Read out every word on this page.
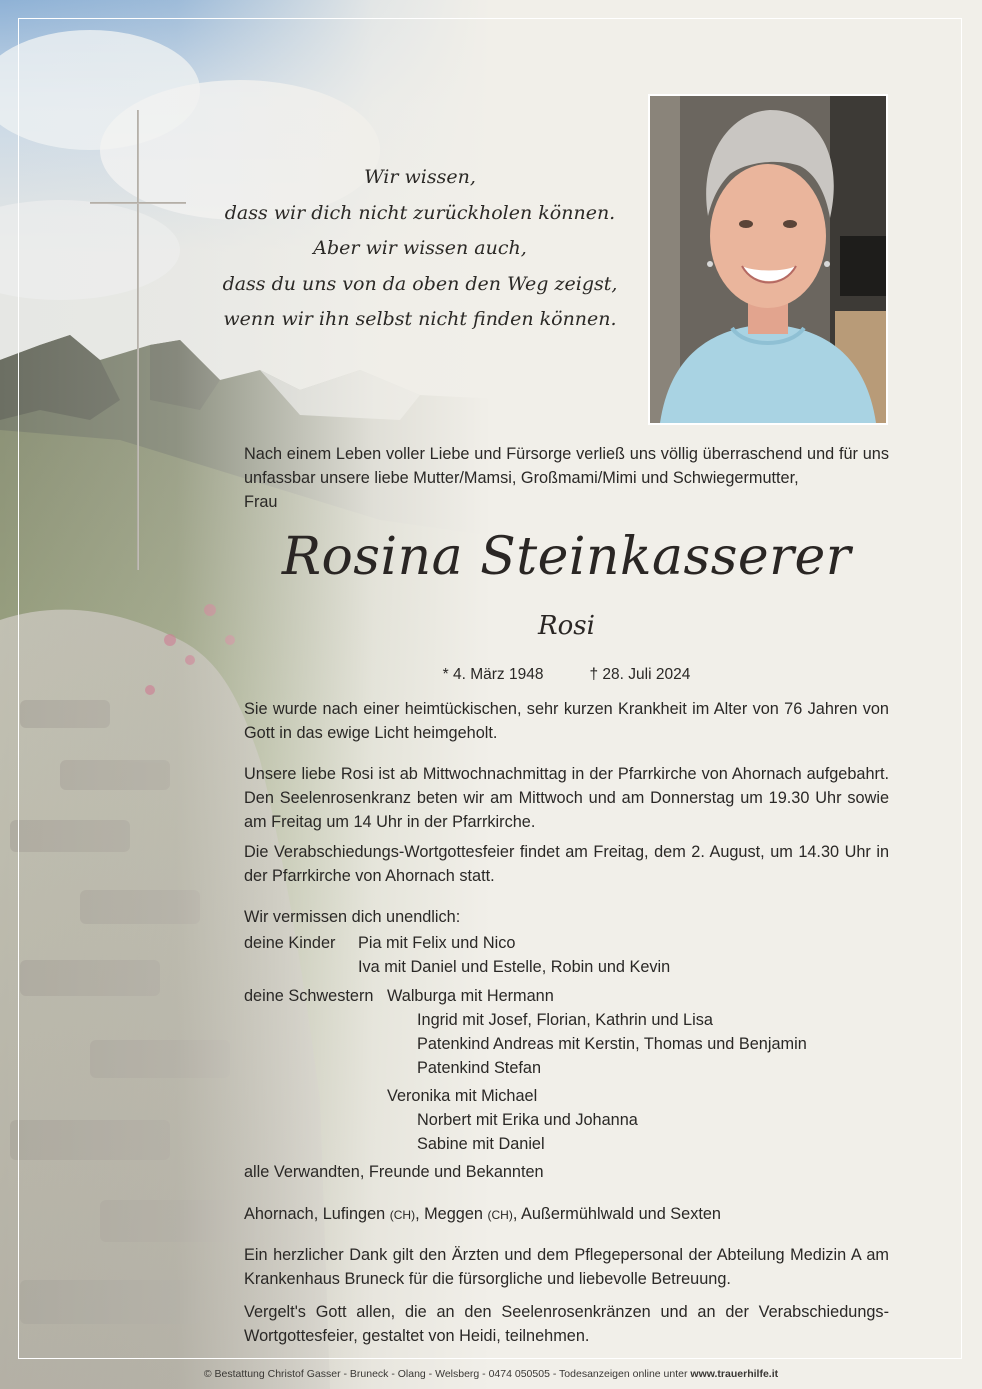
Wir wissen,
dass wir dich nicht zurückholen können.
Aber wir wissen auch,
dass du uns von da oben den Weg zeigst,
wenn wir ihn selbst nicht finden können.
Nach einem Leben voller Liebe und Fürsorge verließ uns völlig überraschend und für uns unfassbar unsere liebe Mutter/Mamsi, Großmami/Mimi und Schwiegermutter,
Frau
Rosina Steinkasserer
Rosi
* 4. März 1948	† 28. Juli 2024
Sie wurde nach einer heimtückischen, sehr kurzen Krankheit im Alter von 76 Jahren von Gott in das ewige Licht heimgeholt.
Unsere liebe Rosi ist ab Mittwochnachmittag in der Pfarrkirche von Ahornach aufgebahrt. Den Seelenrosenkranz beten wir am Mittwoch und am Donnerstag um 19.30 Uhr sowie am Freitag um 14 Uhr in der Pfarrkirche.
Die Verabschiedungs-Wortgottesfeier findet am Freitag, dem 2. August, um 14.30 Uhr in der Pfarrkirche von Ahornach statt.
Wir vermissen dich unendlich:
deine Kinder Pia mit Felix und Nico
Iva mit Daniel und Estelle, Robin und Kevin
deine Schwestern Walburga mit Hermann
Ingrid mit Josef, Florian, Kathrin und Lisa
Patenkind Andreas mit Kerstin, Thomas und Benjamin
Patenkind Stefan
Veronika mit Michael
Norbert mit Erika und Johanna
Sabine mit Daniel
alle Verwandten, Freunde und Bekannten
Ahornach, Lufingen (CH), Meggen (CH), Außermühlwald und Sexten
Ein herzlicher Dank gilt den Ärzten und dem Pflegepersonal der Abteilung Medizin A am Krankenhaus Bruneck für die fürsorgliche und liebevolle Betreuung.
Vergelt's Gott allen, die an den Seelenrosenkränzen und an der Verabschiedungs-Wortgottesfeier, gestaltet von Heidi, teilnehmen.
© Bestattung Christof Gasser - Bruneck - Olang - Welsberg - 0474 050505 - Todesanzeigen online unter www.trauerhilfe.it
